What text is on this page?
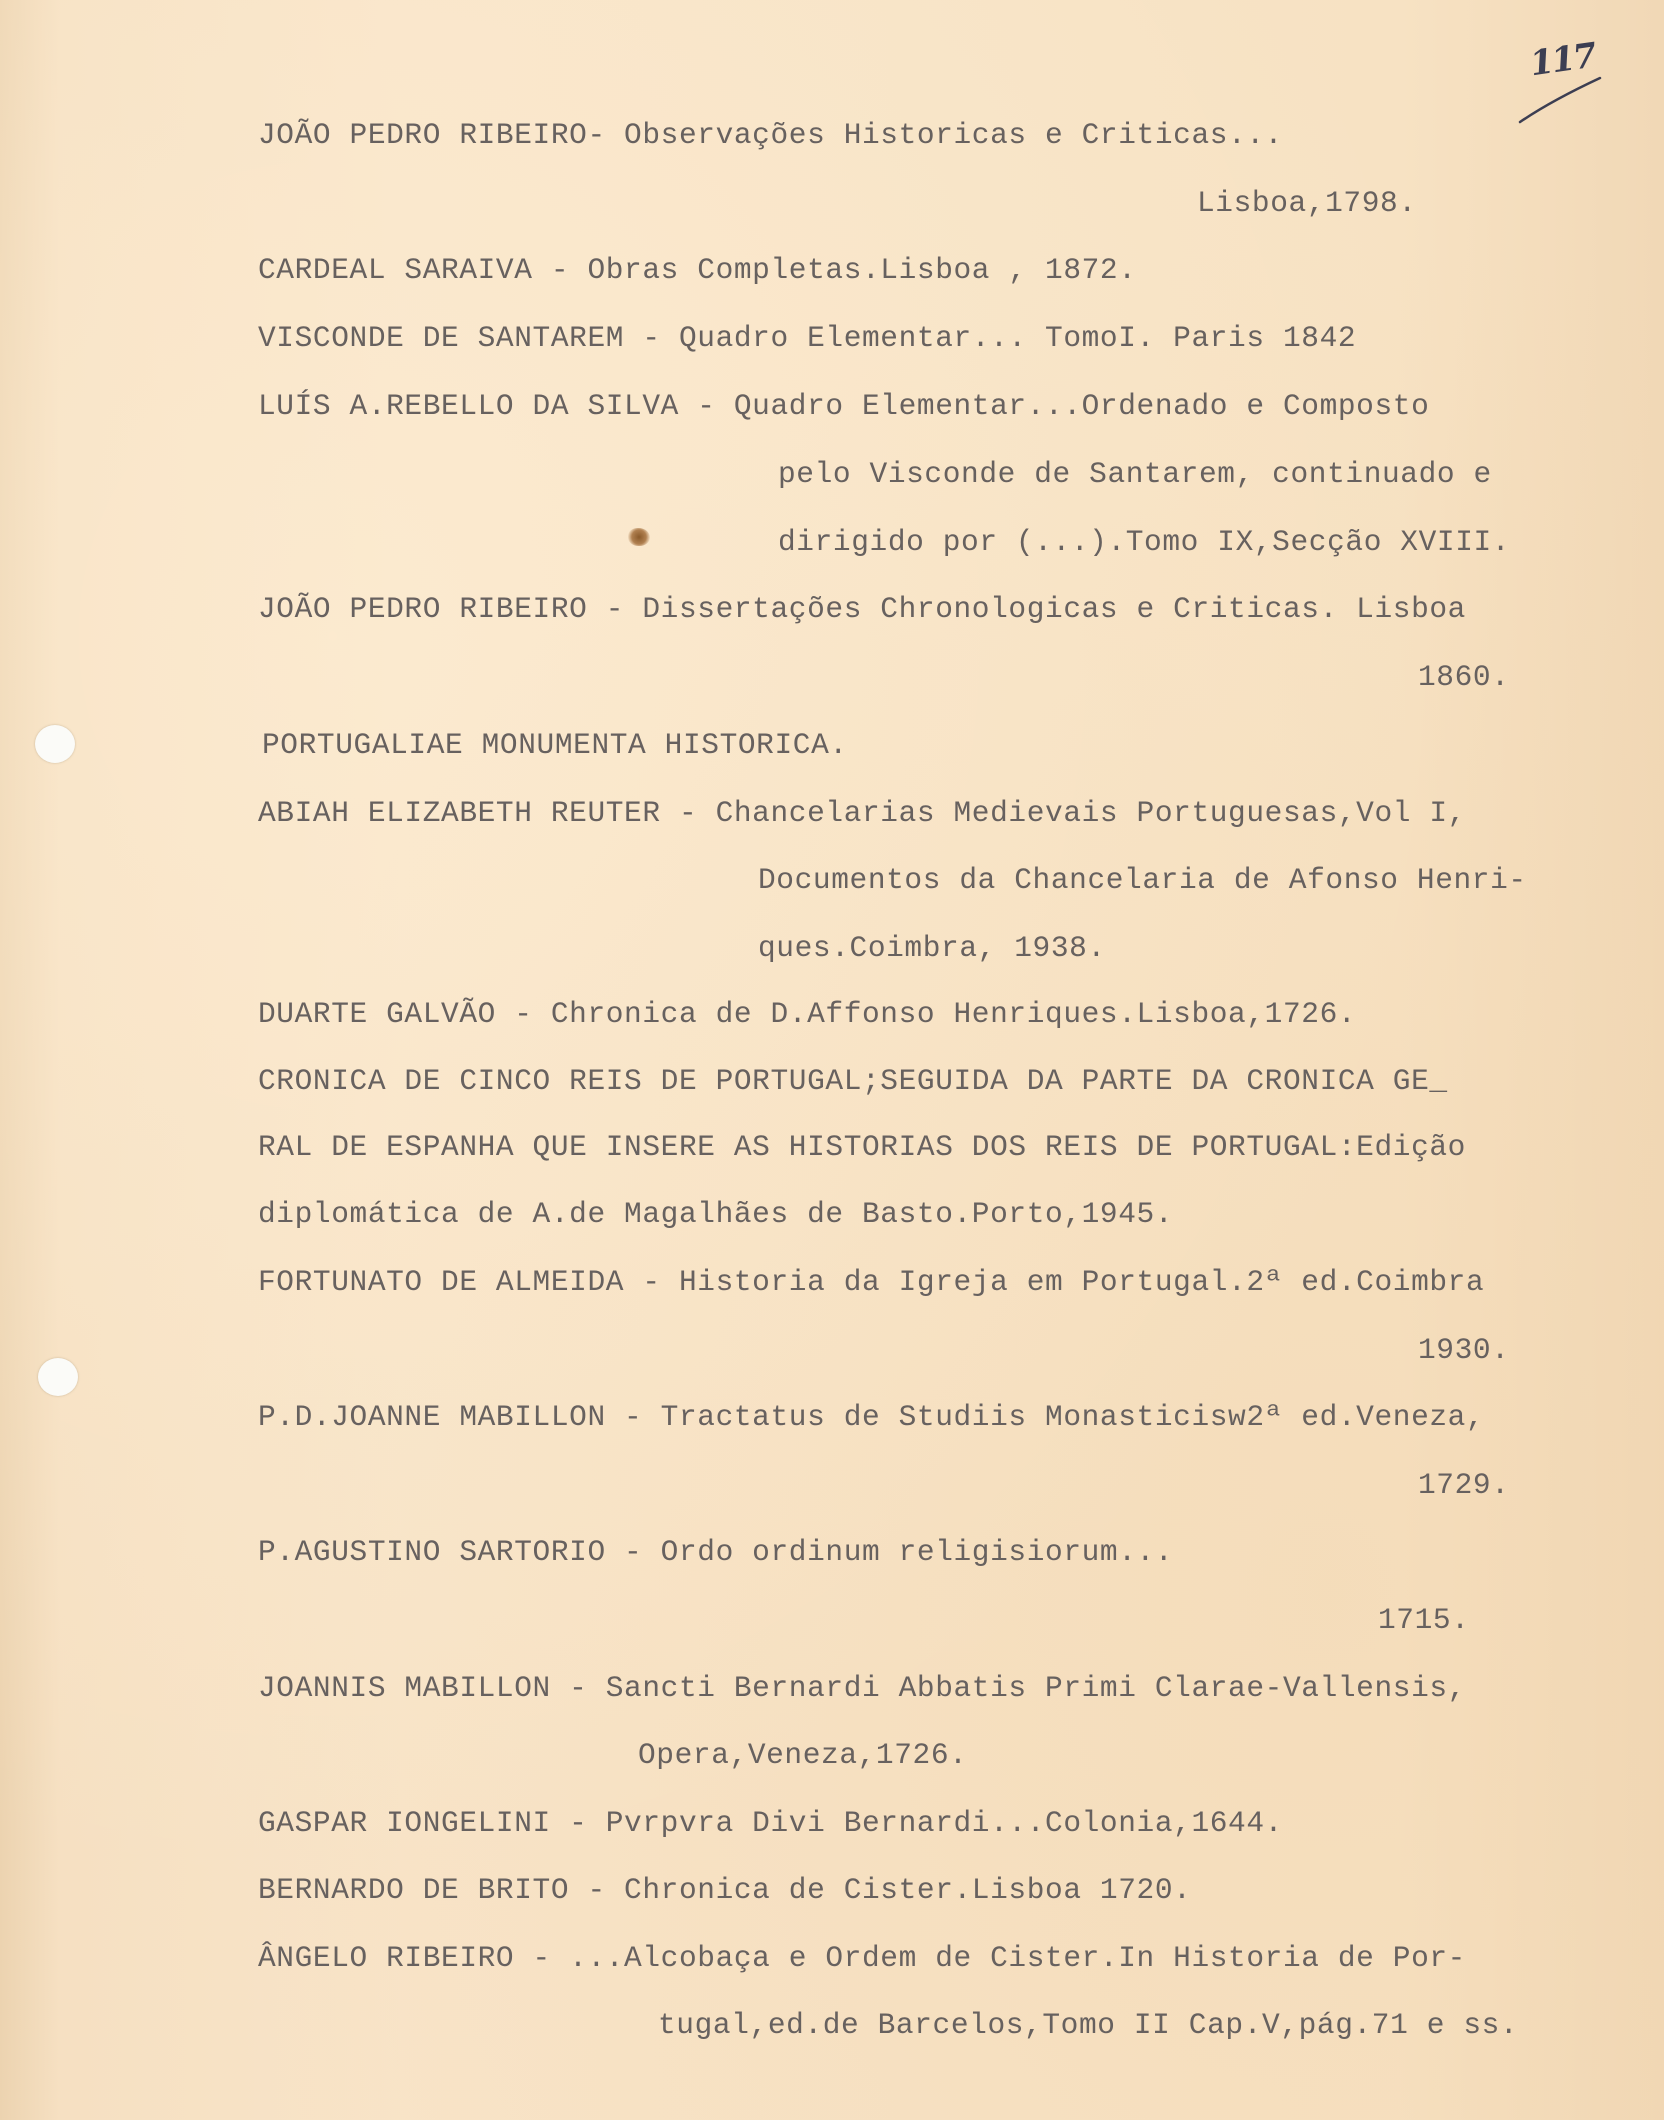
117
JOÃO PEDRO RIBEIRO- Observações Historicas e Criticas...
Lisboa,1798.
CARDEAL SARAIVA - Obras Completas.Lisboa , 1872.
VISCONDE DE SANTAREM - Quadro Elementar... TomoI. Paris 1842
LUÍS A.REBELLO DA SILVA - Quadro Elementar...Ordenado e Composto
pelo Visconde de Santarem, continuado e
dirigido por (...).Tomo IX,Secção XVIII.
JOÃO PEDRO RIBEIRO - Dissertações Chronologicas e Criticas. Lisboa
1860.
PORTUGALIAE MONUMENTA HISTORICA.
ABIAH ELIZABETH REUTER - Chancelarias Medievais Portuguesas,Vol I,
Documentos da Chancelaria de Afonso Henri-
ques.Coimbra, 1938.
DUARTE GALVÃO - Chronica de D.Affonso Henriques.Lisboa,1726.
CRONICA DE CINCO REIS DE PORTUGAL;SEGUIDA DA PARTE DA CRONICA GE_
RAL DE ESPANHA QUE INSERE AS HISTORIAS DOS REIS DE PORTUGAL:Edição
diplomática de A.de Magalhães de Basto.Porto,1945.
FORTUNATO DE ALMEIDA - Historia da Igreja em Portugal.2ª ed.Coimbra
1930.
P.D.JOANNE MABILLON - Tractatus de Studiis Monasticisw2ª ed.Veneza,
1729.
P.AGUSTINO SARTORIO - Ordo ordinum religisiorum...
1715.
JOANNIS MABILLON - Sancti Bernardi Abbatis Primi Clarae-Vallensis,
Opera,Veneza,1726.
GASPAR IONGELINI - Pvrpvra Divi Bernardi...Colonia,1644.
BERNARDO DE BRITO - Chronica de Cister.Lisboa 1720.
ÂNGELO RIBEIRO - ...Alcobaça e Ordem de Cister.In Historia de Por-
tugal,ed.de Barcelos,Tomo II Cap.V,pág.71 e ss.
